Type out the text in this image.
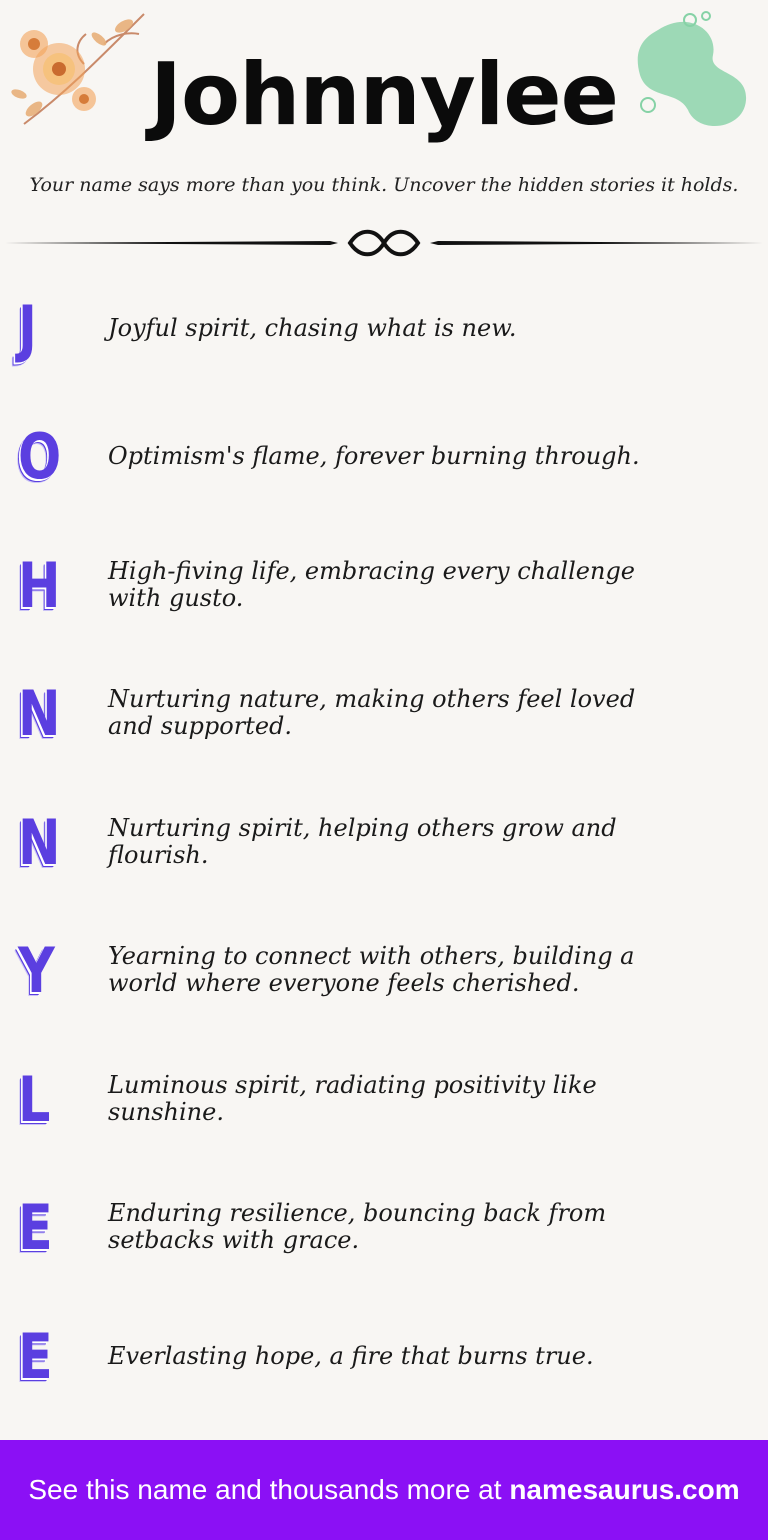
Johnnylee
Your name says more than you think. Uncover the hidden stories it holds.
J	Joyful spirit, chasing what is new.
O Optimism's flame, forever burning through.
H High-fiving life, embracing every challenge with gusto.
N Nurturing nature, making others feel loved and supported.
N Nurturing spirit, helping others grow and flourish.
Y	Yearning to connect with others, building a world where everyone feels cherished.
L	Luminous spirit, radiating positivity like sunshine.
E	Enduring resilience, bouncing back from setbacks with grace.
E	Everlasting hope, a fire that burns true.
See this name and thousands more at namesaurus.com
